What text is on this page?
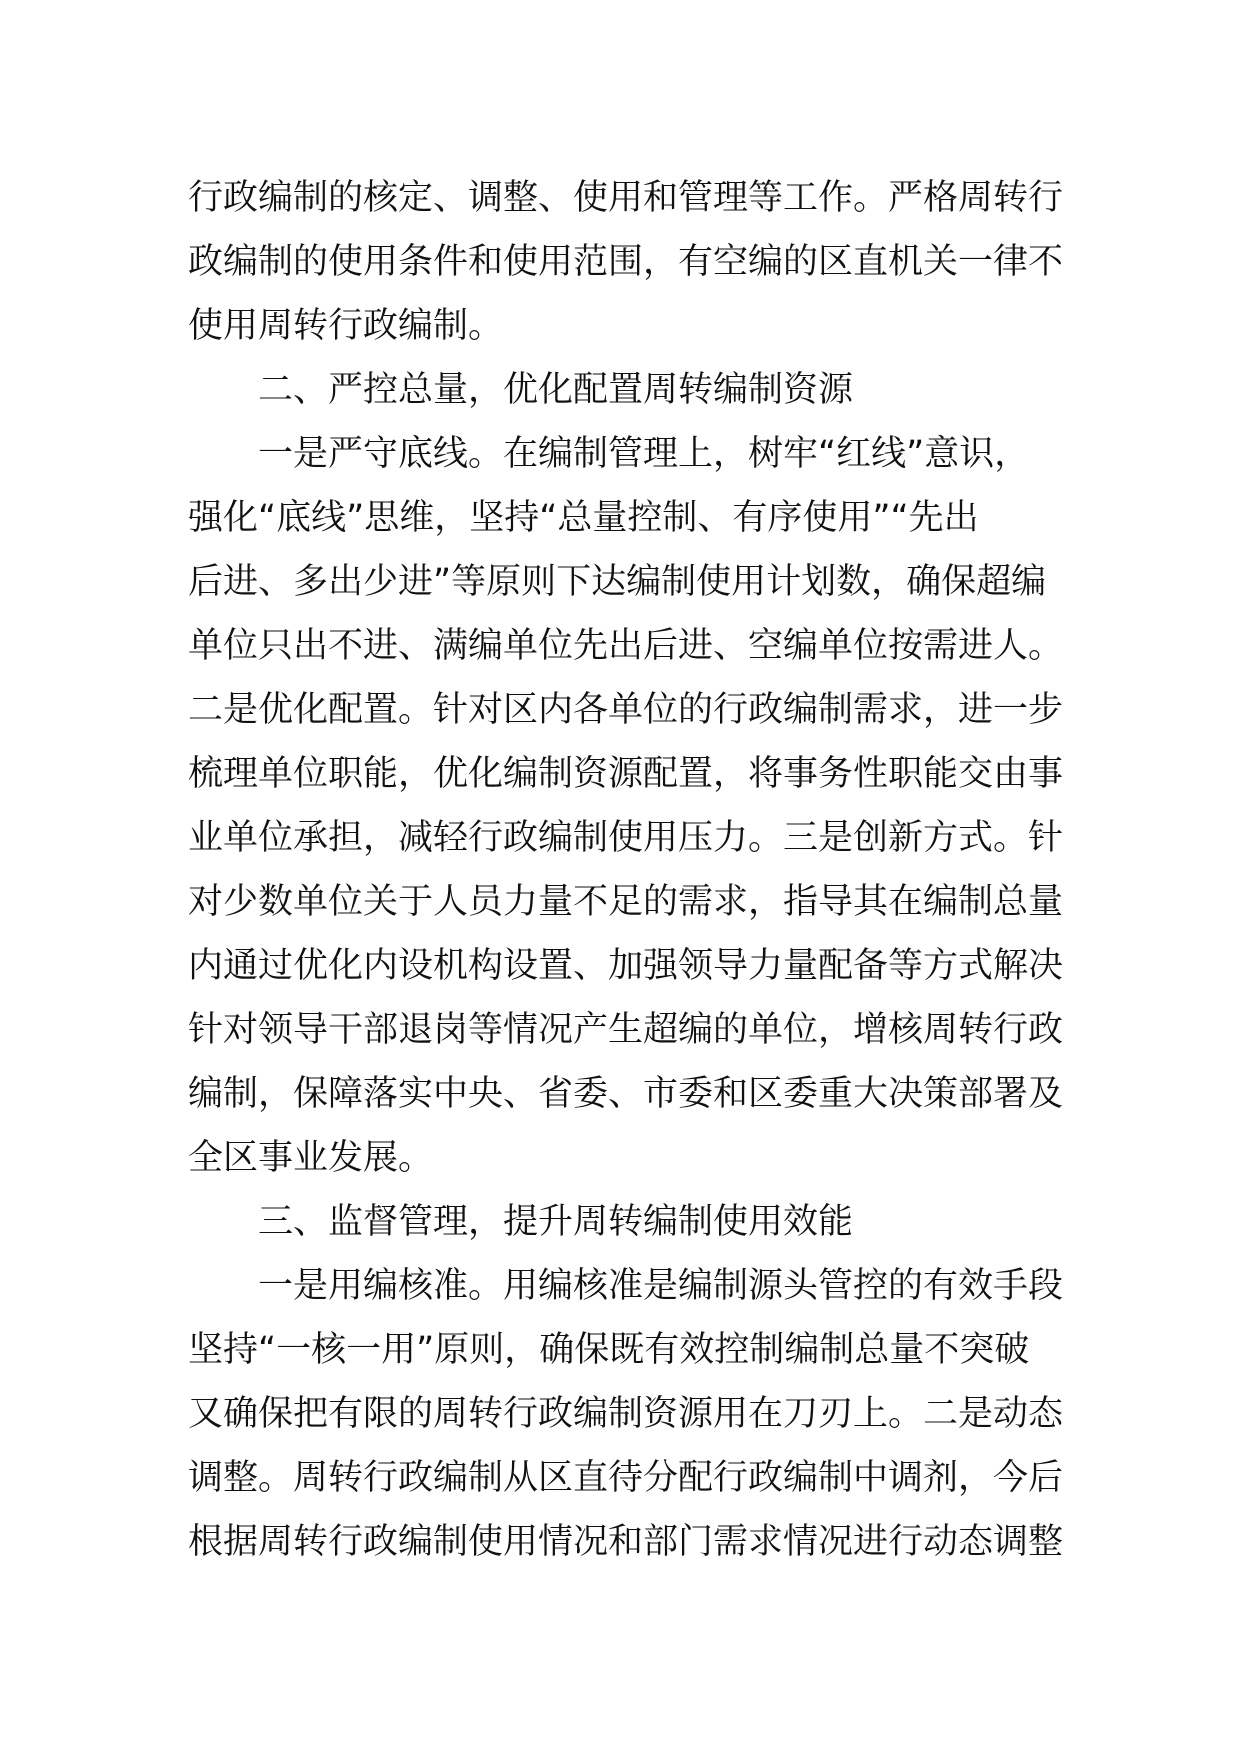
行政编制的核定、调整、使用和管理等工作。严格周转行
政编制的使用条件和使用范围，有空编的区直机关一律不
使用周转行政编制。
二、严控总量，优化配置周转编制资源
一是严守底线。在编制管理上，树牢“红线”意识，
强化“底线”思维，坚持“总量控制、有序使用”“先出
后进、多出少进”等原则下达编制使用计划数，确保超编
单位只出不进、满编单位先出后进、空编单位按需进人。
二是优化配置。针对区内各单位的行政编制需求，进一步
梳理单位职能，优化编制资源配置，将事务性职能交由事
业单位承担，减轻行政编制使用压力。三是创新方式。针
对少数单位关于人员力量不足的需求，指导其在编制总量
内通过优化内设机构设置、加强领导力量配备等方式解决
针对领导干部退岗等情况产生超编的单位，增核周转行政
编制，保障落实中央、省委、市委和区委重大决策部署及
全区事业发展。
三、监督管理，提升周转编制使用效能
一是用编核准。用编核准是编制源头管控的有效手段
坚持“一核一用”原则，确保既有效控制编制总量不突破
又确保把有限的周转行政编制资源用在刀刃上。二是动态
调整。周转行政编制从区直待分配行政编制中调剂，今后
根据周转行政编制使用情况和部门需求情况进行动态调整
